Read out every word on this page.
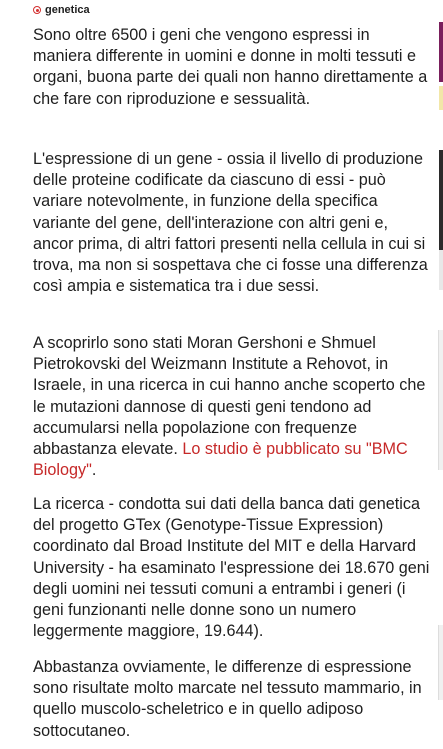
genetica

Sono oltre 6500 i geni che vengono espressi in maniera differente in uomini e donne in molti tessuti e organi, buona parte dei quali non hanno direttamente a che fare con riproduzione e sessualità.

L'espressione di un gene - ossia il livello di produzione delle proteine codificate da ciascuno di essi - può variare notevolmente, in funzione della specifica variante del gene, dell'interazione con altri geni e, ancor prima, di altri fattori presenti nella cellula in cui si trova, ma non si sospettava che ci fosse una differenza così ampia e sistematica tra i due sessi.

A scoprirlo sono stati Moran Gershoni e Shmuel Pietrokovski del Weizmann Institute a Rehovot, in Israele, in una ricerca in cui hanno anche scoperto che le mutazioni dannose di questi geni tendono ad accumularsi nella popolazione con frequenze abbastanza elevate. Lo studio è pubblicato su "BMC Biology".

La ricerca - condotta sui dati della banca dati genetica del progetto GTex (Genotype-Tissue Expression) coordinato dal Broad Institute del MIT e della Harvard University - ha esaminato l'espressione dei 18.670 geni degli uomini nei tessuti comuni a entrambi i generi (i geni funzionanti nelle donne sono un numero leggermente maggiore, 19.644).

Abbastanza ovviamente, le differenze di espressione sono risultate molto marcate nel tessuto mammario, in quello muscolo-scheletrico e in quello adiposo sottocutaneo.
